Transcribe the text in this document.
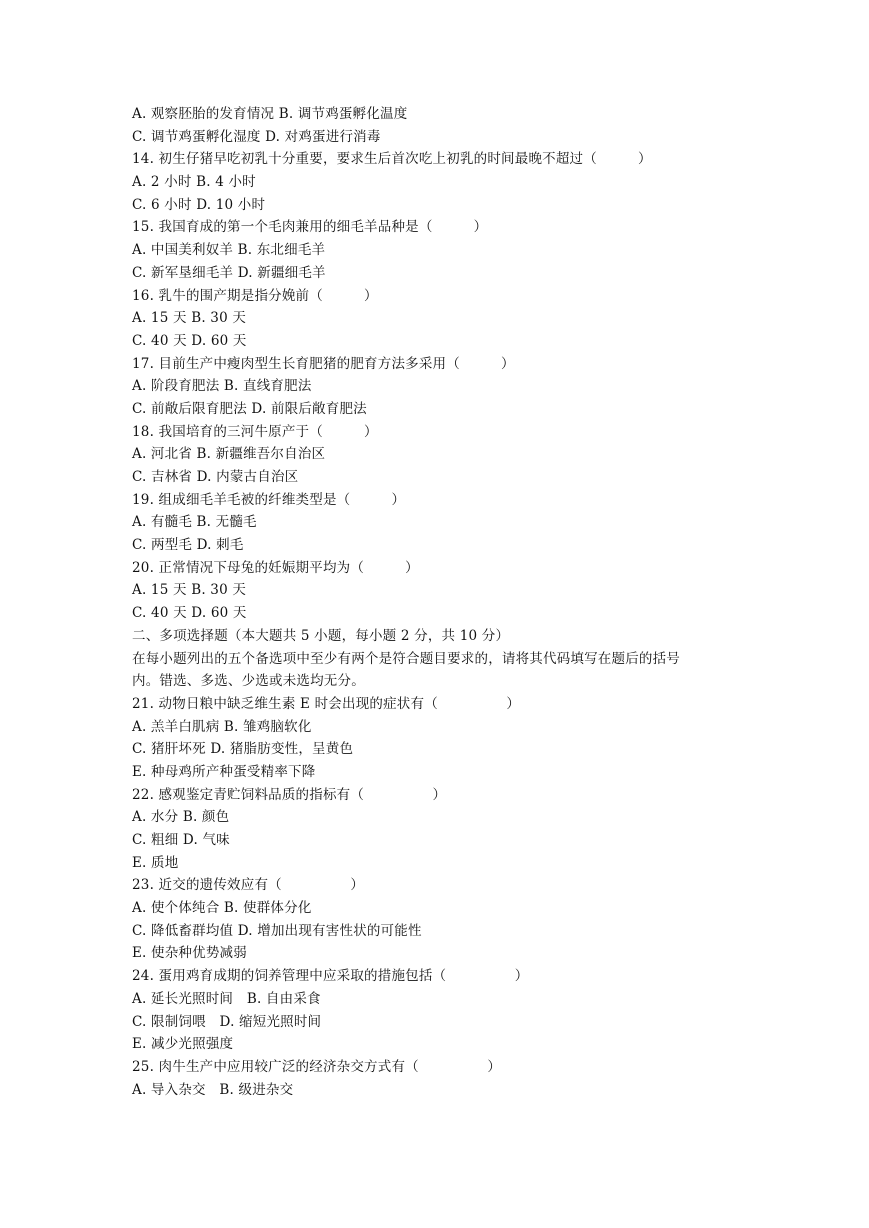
A. 观察胚胎的发育情况 B. 调节鸡蛋孵化温度
C. 调节鸡蛋孵化湿度 D. 对鸡蛋进行消毒
14. 初生仔猪早吃初乳十分重要，要求生后首次吃上初乳的时间最晚不超过（　　　）
A. 2 小时 B. 4 小时
C. 6 小时 D. 10 小时
15. 我国育成的第一个毛肉兼用的细毛羊品种是（　　　）
A. 中国美利奴羊 B. 东北细毛羊
C. 新军垦细毛羊 D. 新疆细毛羊
16. 乳牛的围产期是指分娩前（　　　）
A. 15 天 B. 30 天
C. 40 天 D. 60 天
17. 目前生产中瘦肉型生长育肥猪的肥育方法多采用（　　　）
A. 阶段育肥法 B. 直线育肥法
C. 前敞后限育肥法 D. 前限后敞育肥法
18. 我国培育的三河牛原产于（　　　）
A. 河北省 B. 新疆维吾尔自治区
C. 吉林省 D. 内蒙古自治区
19. 组成细毛羊毛被的纤维类型是（　　　）
A. 有髓毛 B. 无髓毛
C. 两型毛 D. 刺毛
20. 正常情况下母兔的妊娠期平均为（　　　）
A. 15 天 B. 30 天
C. 40 天 D. 60 天
二、多项选择题（本大题共 5 小题，每小题 2 分，共 10 分）
在每小题列出的五个备选项中至少有两个是符合题目要求的，请将其代码填写在题后的括号
内。错选、多选、少选或未选均无分。
21. 动物日粮中缺乏维生素 E 时会出现的症状有（　　　　　）
A. 羔羊白肌病 B. 雏鸡脑软化
C. 猪肝坏死 D. 猪脂肪变性，呈黄色
E. 种母鸡所产种蛋受精率下降
22. 感观鉴定青贮饲料品质的指标有（　　　　　）
A. 水分 B. 颜色
C. 粗细 D. 气味
E. 质地
23. 近交的遗传效应有（　　　　　）
A. 使个体纯合 B. 使群体分化
C. 降低畜群均值 D. 增加出现有害性状的可能性
E. 使杂种优势减弱
24. 蛋用鸡育成期的饲养管理中应采取的措施包括（　　　　　）
A. 延长光照时间　B. 自由采食
C. 限制饲喂　D. 缩短光照时间
E. 减少光照强度
25. 肉牛生产中应用较广泛的经济杂交方式有（　　　　　）
A. 导入杂交　B. 级进杂交
